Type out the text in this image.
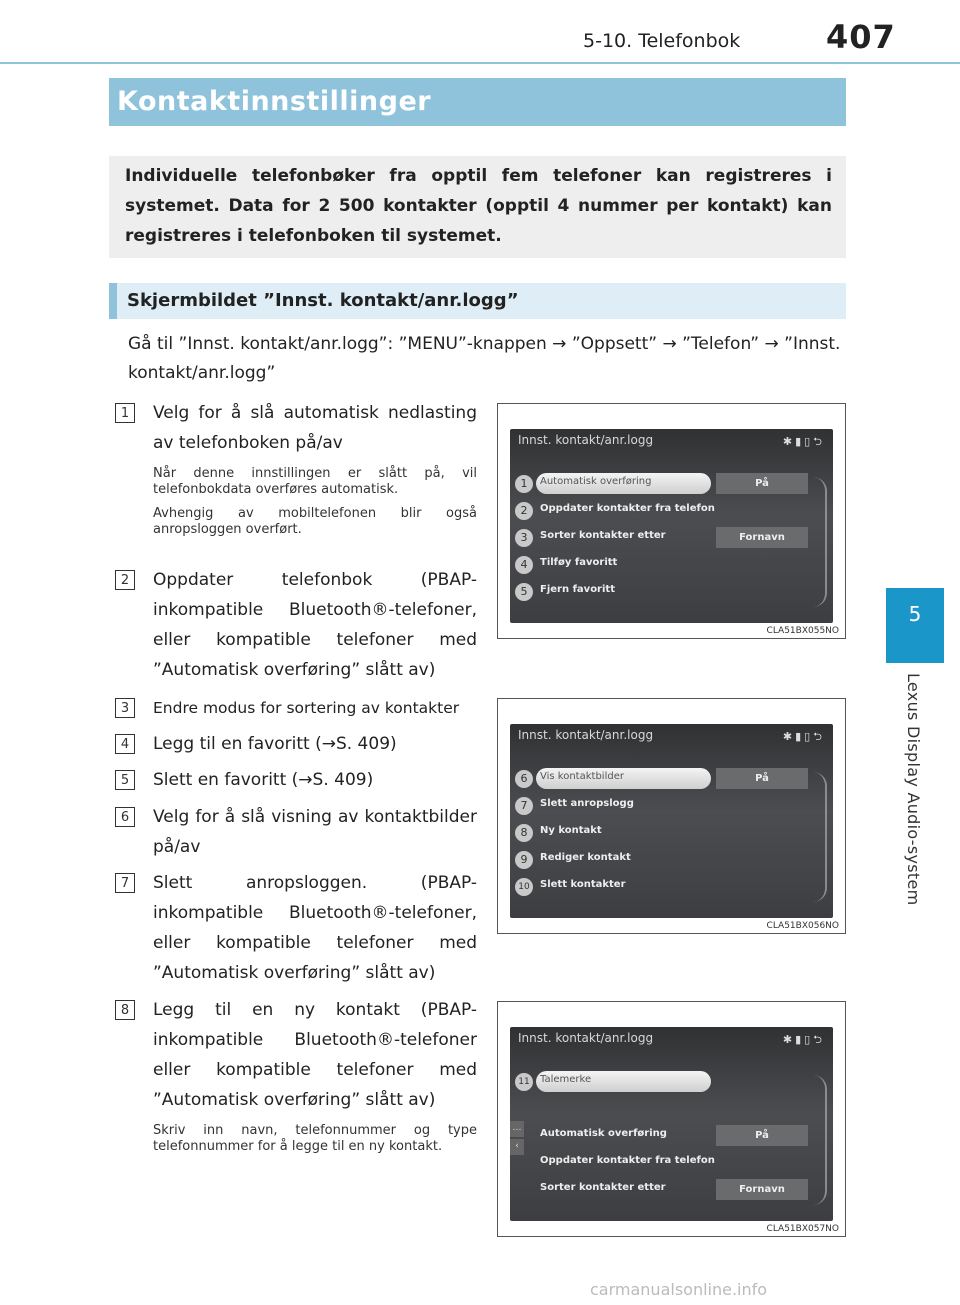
5-10. Telefonbok	407
5
Lexus Display Audio-system
Kontaktinnstillinger
Individuelle telefonbøker fra opptil fem telefoner kan registreres i systemet. Data for 2 500 kontakter (opptil 4 nummer per kontakt) kan registreres i telefonboken til systemet.
Skjermbildet ”Innst. kontakt/anr.logg”
Gå til ”Innst. kontakt/anr.logg”: ”MENU”-knappen → ”Oppsett” → ”Telefon” → ”Innst. kontakt/anr.logg”
1	Velg for å slå automatisk nedlasting av telefonboken på/av
Når denne innstillingen er slått på, vil telefonbokdata overføres automatisk.
Avhengig av mobiltelefonen blir også anropsloggen overført.
2	Oppdater telefonbok (PBAP-inkompatible Bluetooth®-telefoner, eller kompatible telefoner med ”Automatisk overføring” slått av)
3	Endre modus for sortering av kontakter
4	Legg til en favoritt (→S. 409)
5	Slett en favoritt (→S. 409)
6	Velg for å slå visning av kontaktbilder på/av
7	Slett anropsloggen. (PBAP-inkompatible Bluetooth®-telefoner, eller kompatible telefoner med ”Automatisk overføring” slått av)
8	Legg til en ny kontakt (PBAP-inkompatible Bluetooth®-telefoner eller kompatible telefoner med ”Automatisk overføring” slått av)
Skriv inn navn, telefonnummer og type telefonnummer for å legge til en ny kontakt.
Innst. kontakt/anr.logg	✱▮▯⮌
1	Automatisk overføring	På
2	Oppdater kontakter fra telefon
3	Sorter kontakter etter	Fornavn
4	Tilføy favoritt
5	Fjern favoritt
CLA51BX055NO
Innst. kontakt/anr.logg	✱▮▯⮌
6	Vis kontaktbilder	På
7	Slett anropslogg
8	Ny kontakt
9	Rediger kontakt
10	Slett kontakter
CLA51BX056NO
Innst. kontakt/anr.logg	✱▮▯⮌
11	Talemerke
…
‹
Automatisk overføring	På
Oppdater kontakter fra telefon
Sorter kontakter etter	Fornavn
CLA51BX057NO
carmanualsonline.info
